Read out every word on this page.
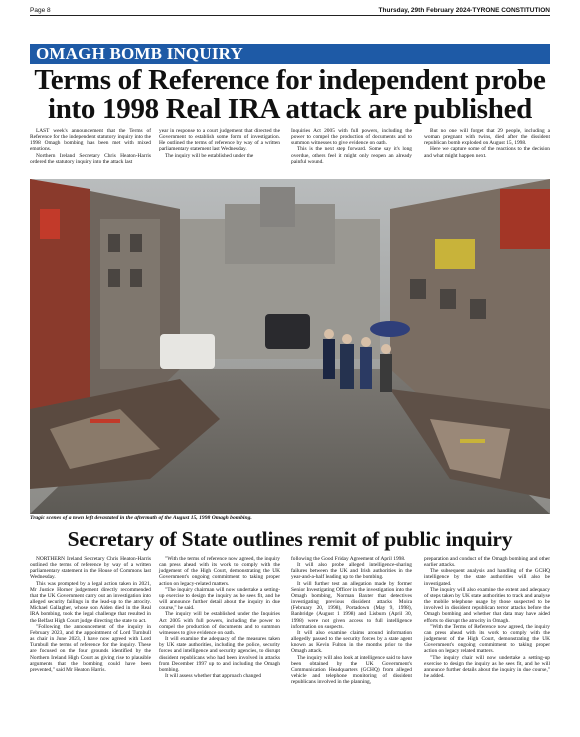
Page 8	Thursday, 29th February 2024-TYRONE CONSTITUTION
OMAGH BOMB INQUIRY
Terms of Reference for independent probe
into 1998 Real IRA attack are published

LAST week's announcement that the Terms of Reference for the independent statutory inquiry into the 1998 Omagh bombing has been met with mixed emotions.

Northern Ireland Secretary Chris Heaton-Harris ordered the statutory inquiry into the attack last

year in response to a court judgement that directed the Government to establish some form of investigation. He outlined the terms of reference by way of a written parliamentary statement last Wednesday.

The inquiry will be established under the

Inquiries Act 2005 with full powers, including the power to compel the production of documents and to summon witnesses to give evidence on oath.

This is the next step forward. Some say it's long overdue, others feel it might only reopen an already painful wound.

But no one will forget that 29 people, including a woman pregnant with twins, died after the dissident republican bomb exploded on August 15, 1998.

Here we capture some of the reactions to the decision and what might happen next.

Tragic scenes of a town left devastated in the aftermath of the August 15, 1998 Omagh bombing.
Secretary of State outlines remit of public inquiry

NORTHERN Ireland Secretary Chris Heaton-Harris outlined the terms of reference by way of a written parliamentary statement in the House of Commons last Wednesday.

This was prompted by a legal action taken in 2021, Mr Justice Horner judgement directly recommended that the UK Government carry out an investigation into alleged security failings in the lead-up to the atrocity. Michael Gallagher, whose son Aiden died in the Real IRA bombing, took the legal challenge that resulted in the Belfast High Court judge directing the state to act.

"Following the announcement of the inquiry in February 2023, and the appointment of Lord Turnbull as chair in June 2023, I have now agreed with Lord Turnbull the terms of reference for the inquiry. These are focused on the four grounds identified by the Northern Ireland High Court as giving rise to plausible arguments that the bombing could have been prevented," said Mr Heaton Harris.

"With the terms of reference now agreed, the inquiry can press ahead with its work to comply with the judgement of the High Court, demonstrating the UK Government's ongoing commitment to taking proper action on legacy-related matters.

"The inquiry chairman will now undertake a setting-up exercise to design the inquiry as he sees fit, and he will announce further detail about the inquiry in due course," he said.

The inquiry will be established under the Inquiries Act 2005 with full powers, including the power to compel the production of documents and to summon witnesses to give evidence on oath.

It will examine the adequacy of the measures taken by UK state authorities, including the police, security forces and intelligence and security agencies, to disrupt dissident republicans who had been involved in attacks from December 1997 up to and including the Omagh bombing.

It will assess whether that approach changed

following the Good Friday Agreement of April 1998.

It will also probe alleged intelligence-sharing failures between the UK and Irish authorities in the year-and-a-half leading up to the bombing.

It will further test an allegation made by former Senior Investigating Officer in the investigation into the Omagh bombing, Norman Baxter that detectives investigating previous dissident attacks Moira (February 20, 1998), Portadown (May 9, 1998), Banbridge (August 1 1998) and Lisburn (April 30, 1998) were not given access to full intelligence information on suspects.

It will also examine claims around information allegedly passed to the security forces by a state agent known as Kevin Fulton in the months prior to the Omagh attack.

The inquiry will also look at intelligence said to have been obtained by the UK Government's Communication Headquarters (GCHQ) from alleged vehicle and telephone monitoring of dissident republicans involved in the planning,

preparation and conduct of the Omagh bombing and other earlier attacks.

The subsequent analysis and handling of the GCHQ intelligence by the state authorities will also be investigated.

The inquiry will also examine the extent and adequacy of steps taken by UK state authorities to track and analyse the mobile telephone usage by those suspected to be involved in dissident republican terror attacks before the Omagh bombing and whether that data may have aided efforts to disrupt the atrocity in Omagh.

"With the Terms of Reference now agreed, the inquiry can press ahead with its work to comply with the judgement of the High Court, demonstrating the UK Government's ongoing commitment to taking proper action on legacy related matters.

"The inquiry chair will now undertake a setting-up exercise to design the inquiry as he sees fit, and he will announce further details about the inquiry in due course," he added.
